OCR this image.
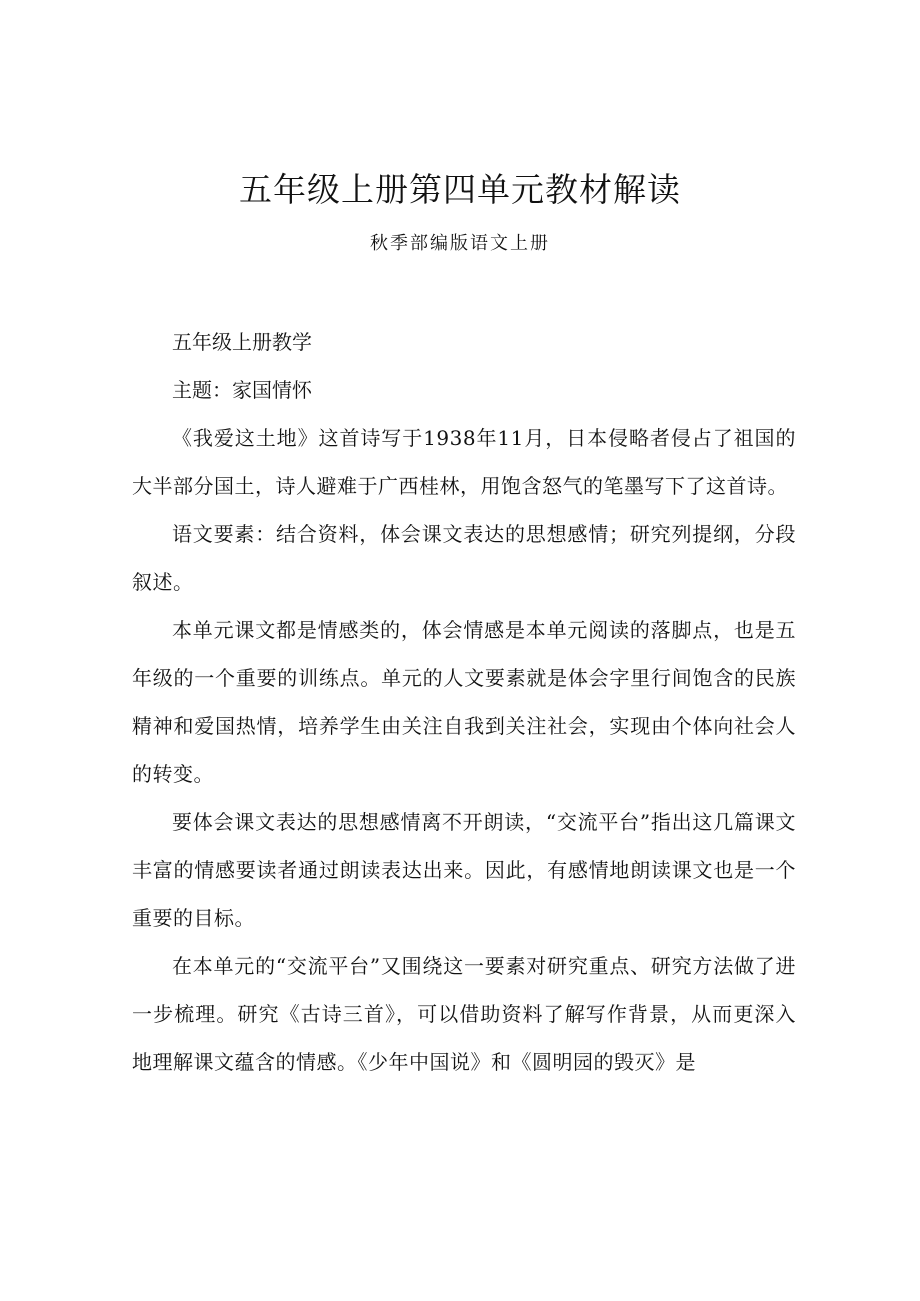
五年级上册第四单元教材解读
秋季部编版语文上册

五年级上册教学

主题：家国情怀

《我爱这土地》这首诗写于1938年11月，日本侵略者侵占了祖国的大半部分国土，诗人避难于广西桂林，用饱含怒气的笔墨写下了这首诗。

语文要素：结合资料，体会课文表达的思想感情；研究列提纲，分段叙述。

本单元课文都是情感类的，体会情感是本单元阅读的落脚点，也是五年级的一个重要的训练点。单元的人文要素就是体会字里行间饱含的民族精神和爱国热情，培养学生由关注自我到关注社会，实现由个体向社会人的转变。

要体会课文表达的思想感情离不开朗读，“交流平台”指出这几篇课文丰富的情感要读者通过朗读表达出来。因此，有感情地朗读课文也是一个重要的目标。

在本单元的“交流平台”又围绕这一要素对研究重点、研究方法做了进一步梳理。研究《古诗三首》，可以借助资料了解写作背景，从而更深入地理解课文蕴含的情感。《少年中国说》和《圆明园的毁灭》是
